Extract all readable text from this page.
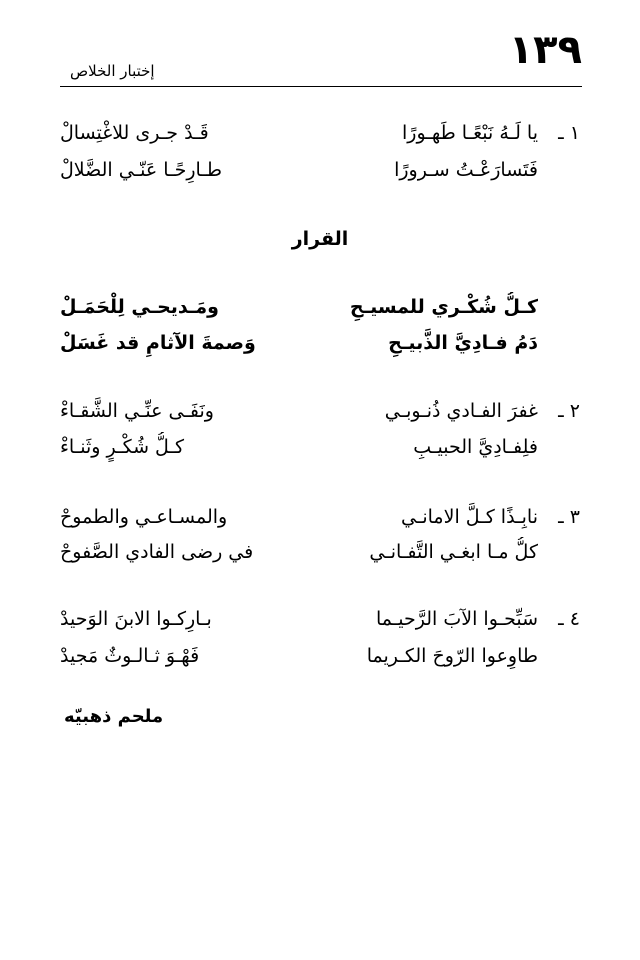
١٣٩
إختبار الخلاص
١ ـ
يا لَـهُ نَبْعًـا طَهـورًا
قَـدْ جـرى للاغْتِسالْ
فَتَسارَعْـتُ سـرورًا
طـارِحًـا عَنّـي الضَّلالْ
القرار
كـلُّ شُكْـري للمسيـحِ
ومَـديحـي لِلْحَمَـلْ
دَمُ فـادِيَّ الذَّبيـحِ
وَصمةَ الآثامِ قد غَسَلْ
٢ ـ
غفرَ الفـادي ذُنـوبـي
ونَفَـى عنِّـي الشَّقـاءْ
فلِفـادِيَّ الحبيـبِ
كـلُّ شُكْـرٍ وثَنـاءْ
٣ ـ
نابِـذًا كـلَّ الامانـي
والمسـاعـي والطموحْ
كلُّ مـا ابغـي التَّفـانـي
في رضى الفادي الصَّفوحْ
٤ ـ
سَبِّحـوا الآبَ الرَّحيـما
بـارِكـوا الابنَ الوَحيدْ
طاوِعوا الرّوحَ الكـريما
فَهْـوَ ثـالـوثٌ مَجيدْ
ملحم ذهبيّه
